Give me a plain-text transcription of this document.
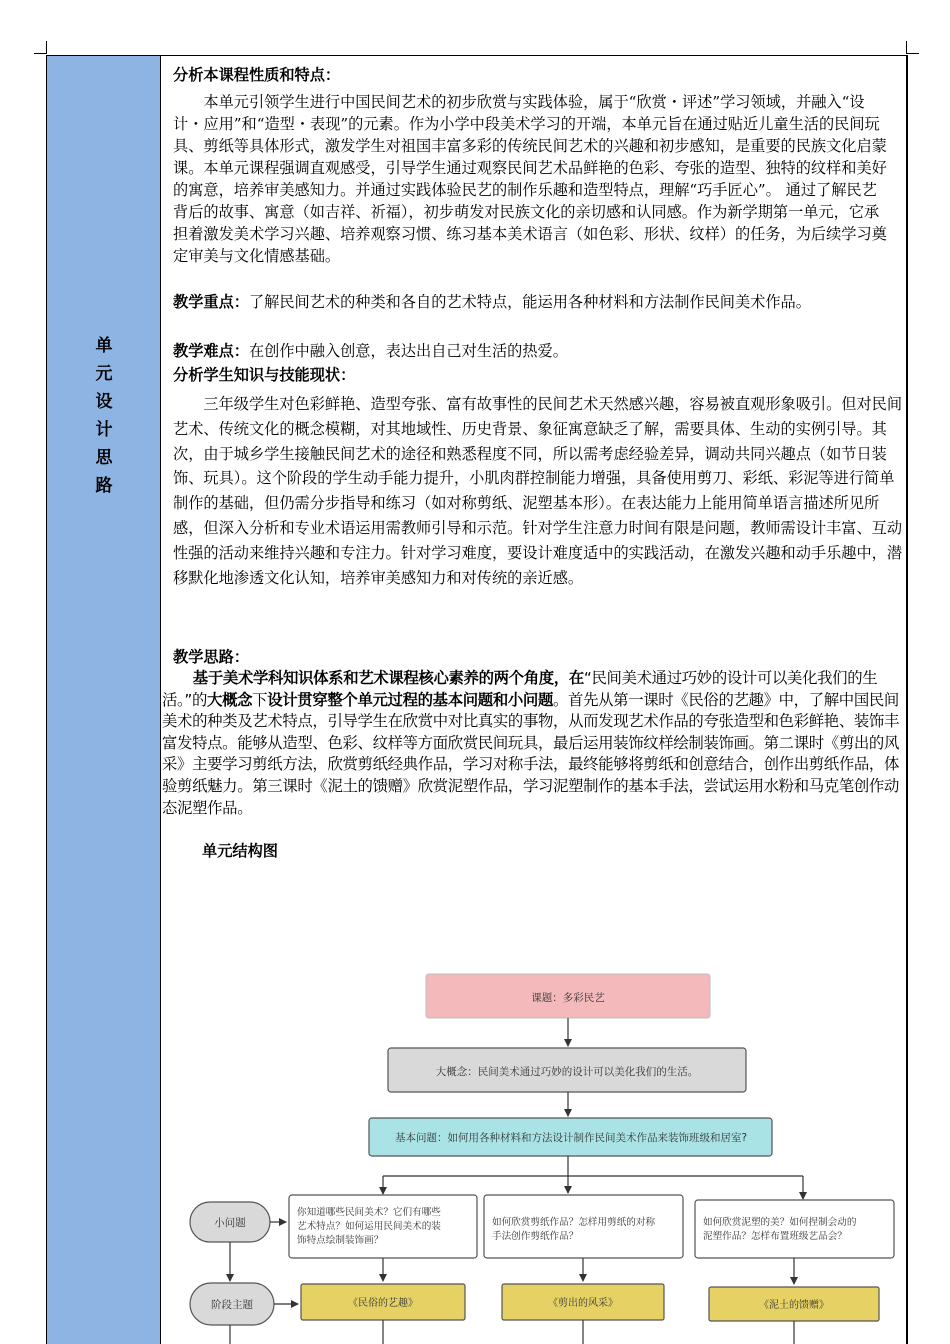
单
元
设
计
思
路

分析本课程性质和特点：

本单元引领学生进行中国民间艺术的初步欣赏与实践体验，属于“欣赏・评述”学习领域，并融入“设计・应用”和“造型・表现”的元素。作为小学中段美术学习的开端，本单元旨在通过贴近儿童生活的民间玩具、剪纸等具体形式，激发学生对祖国丰富多彩的传统民间艺术的兴趣和初步感知，是重要的民族文化启蒙课。本单元课程强调直观感受，引导学生通过观察民间艺术品鲜艳的色彩、夸张的造型、独特的纹样和美好的寓意，培养审美感知力。并通过实践体验民艺的制作乐趣和造型特点，理解“巧手匠心”。 通过了解民艺背后的故事、寓意（如吉祥、祈福），初步萌发对民族文化的亲切感和认同感。作为新学期第一单元，它承担着激发美术学习兴趣、培养观察习惯、练习基本美术语言（如色彩、形状、纹样）的任务，为后续学习奠定审美与文化情感基础。

教学重点：了解民间艺术的种类和各自的艺术特点，能运用各种材料和方法制作民间美术作品。

教学难点：在创作中融入创意，表达出自己对生活的热爱。

分析学生知识与技能现状：

三年级学生对色彩鲜艳、造型夸张、富有故事性的民间艺术天然感兴趣，容易被直观形象吸引。但对民间艺术、传统文化的概念模糊，对其地域性、历史背景、象征寓意缺乏了解，需要具体、生动的实例引导。其次，由于城乡学生接触民间艺术的途径和熟悉程度不同，所以需考虑经验差异，调动共同兴趣点（如节日装饰、玩具）。这个阶段的学生动手能力提升，小肌肉群控制能力增强，具备使用剪刀、彩纸、彩泥等进行简单制作的基础，但仍需分步指导和练习（如对称剪纸、泥塑基本形）。在表达能力上能用简单语言描述所见所感，但深入分析和专业术语运用需教师引导和示范。针对学生注意力时间有限是问题，教师需设计丰富、互动性强的活动来维持兴趣和专注力。针对学习难度，要设计难度适中的实践活动，在激发兴趣和动手乐趣中，潜移默化地渗透文化认知，培养审美感知力和对传统的亲近感。

教学思路：

基于美术学科知识体系和艺术课程核心素养的两个角度，在“民间美术通过巧妙的设计可以美化我们的生活。”的大概念下设计贯穿整个单元过程的基本问题和小问题。首先从第一课时《民俗的艺趣》中，了解中国民间美术的种类及艺术特点，引导学生在欣赏中对比真实的事物，从而发现艺术作品的夸张造型和色彩鲜艳、装饰丰富发特点。能够从造型、色彩、纹样等方面欣赏民间玩具，最后运用装饰纹样绘制装饰画。第二课时《剪出的风采》主要学习剪纸方法，欣赏剪纸经典作品，学习对称手法，最终能够将剪纸和创意结合，创作出剪纸作品，体验剪纸魅力。第三课时《泥土的馈赠》欣赏泥塑作品，学习泥塑制作的基本手法，尝试运用水粉和马克笔创作动态泥塑作品。

单元结构图

课题：多彩民艺
大概念：民间美术通过巧妙的设计可以美化我们的生活。
基本问题：如何用各种材料和方法设计制作民间美术作品来装饰班级和居室?
小问题
你知道哪些民间美术？它们有哪些
艺术特点？如何运用民间美术的装
饰特点绘制装饰画？
如何欣赏剪纸作品？怎样用剪纸的对称
手法创作剪纸作品？
如何欣赏泥塑的美？如何捏制会动的
泥塑作品？怎样布置班级艺品会？
阶段主题	《民俗的艺趣》	《剪出的风采》	《泥土的馈赠》
